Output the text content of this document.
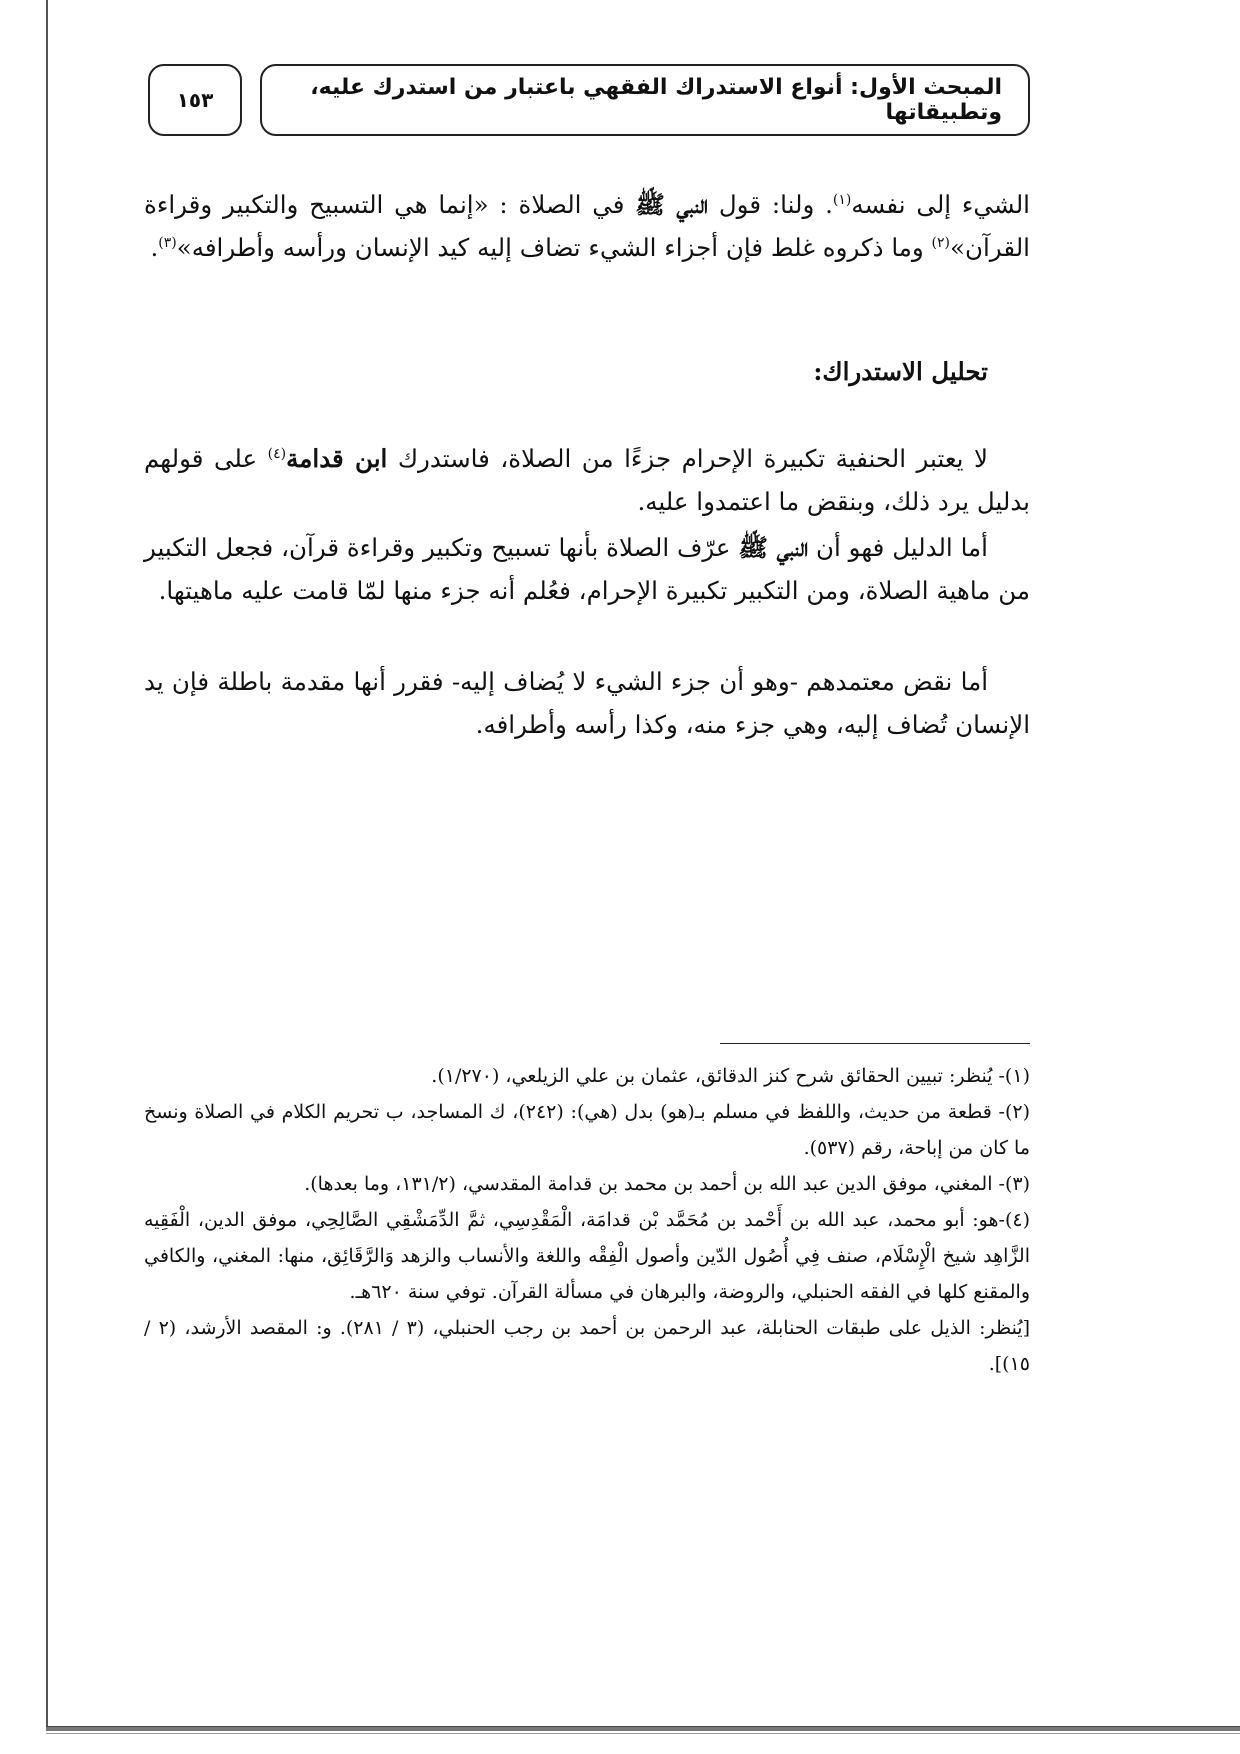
المبحث الأول: أنواع الاستدراك الفقهي باعتبار من استدرك عليه، وتطبيقاتها
١٥٣

الشيء إلى نفسه$^{(١)}$. ولنا: قول النبي ﷺ في الصلاة : «إنما هي التسبيح والتكبير وقراءة القرآن»$^{(٢)}$ وما ذكروه غلط فإن أجزاء الشيء تضاف إليه كيد الإنسان ورأسه وأطرافه»$^{(٣)}$.

تحليل الاستدراك:

لا يعتبر الحنفية تكبيرة الإحرام جزءًا من الصلاة، فاستدرك ابن قدامة$^{(٤)}$ على قولهم بدليل يرد ذلك، وبنقض ما اعتمدوا عليه.

أما الدليل فهو أن النبي ﷺ عرّف الصلاة بأنها تسبيح وتكبير وقراءة قرآن، فجعل التكبير من ماهية الصلاة، ومن التكبير تكبيرة الإحرام، فعُلم أنه جزء منها لمّا قامت عليه ماهيتها.

أما نقض معتمدهم -وهو أن جزء الشيء لا يُضاف إليه- فقرر أنها مقدمة باطلة فإن يد الإنسان تُضاف إليه، وهي جزء منه، وكذا رأسه وأطرافه.

(١)- يُنظر: تبيين الحقائق شرح كنز الدقائق، عثمان بن علي الزيلعي، (١/٢٧٠).

(٢)- قطعة من حديث، واللفظ في مسلم بـ(هو) بدل (هي): (٢٤٢)، ك المساجد، ب تحريم الكلام في الصلاة ونسخ ما كان من إباحة، رقم (٥٣٧).

(٣)- المغني، موفق الدين عبد الله بن أحمد بن محمد بن قدامة المقدسي، (١٣١/٢، وما بعدها).

(٤)-هو: أبو محمد، عبد الله بن أَحْمد بن مُحَمَّد بْن قدامَة، الْمَقْدِسِي، ثمَّ الدِّمَشْقِي الصَّالِحِي، موفق الدين، الْفَقِيه الزَّاهِد شيخ الْإِسْلَام، صنف فِي أُصُول الدّين وأصول الْفِقْه واللغة والأنساب والزهد وَالرَّقَائِق، منها: المغني، والكافي والمقنع كلها في الفقه الحنبلي، والروضة، والبرهان في مسألة القرآن. توفي سنة ٦٢٠هـ.

[يُنظر: الذيل على طبقات الحنابلة، عبد الرحمن بن أحمد بن رجب الحنبلي، (٣ / ٢٨١). و: المقصد الأرشد، (٢ / ١٥)].
